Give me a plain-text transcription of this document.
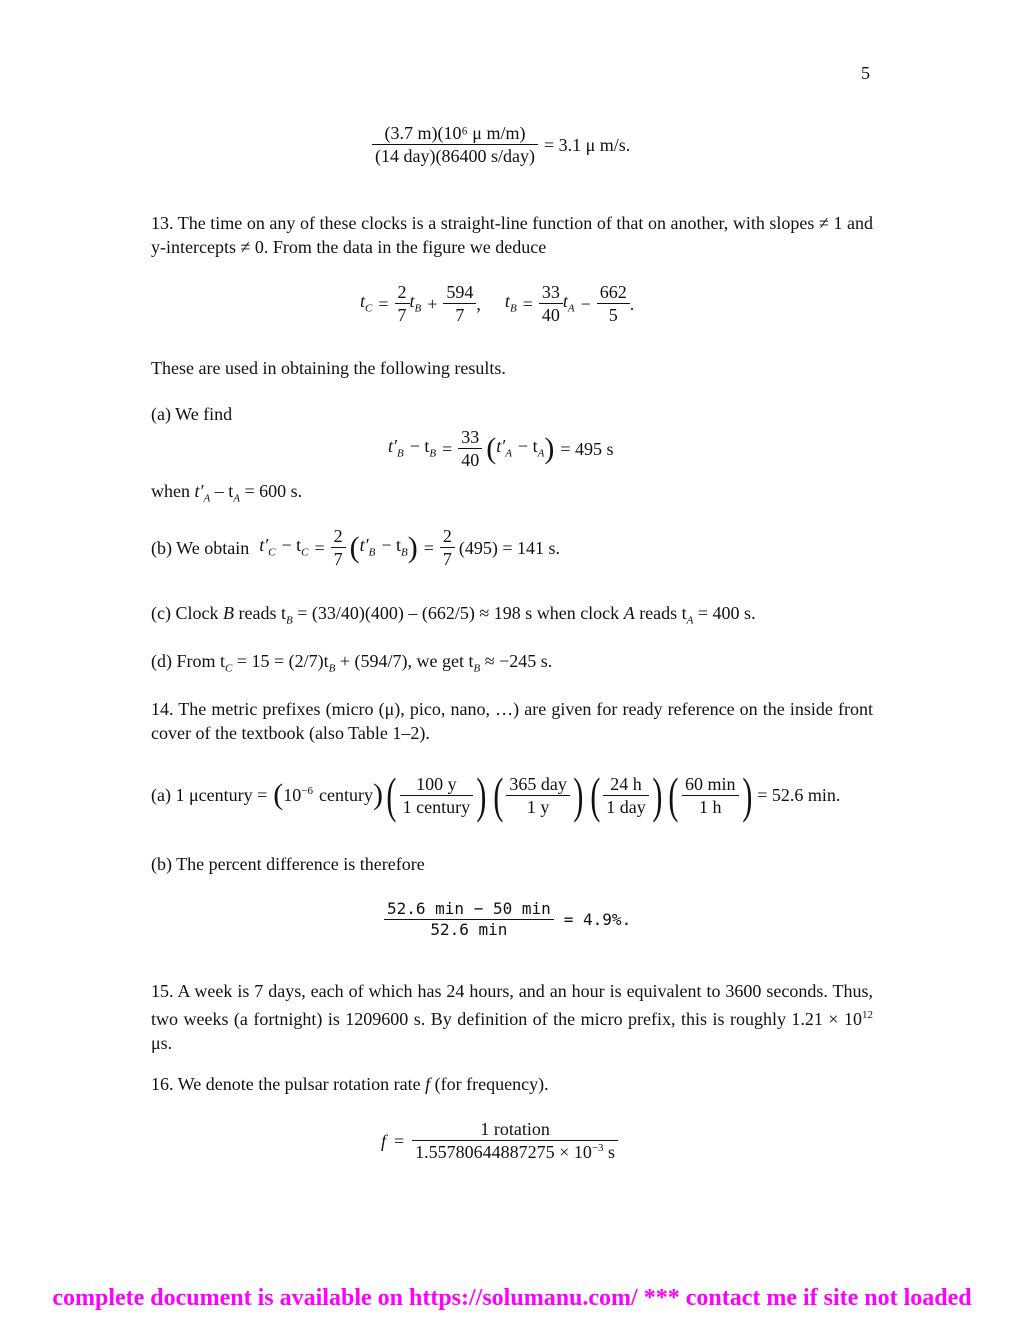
5
$\frac{\text{(3.7 m)(10⁶ μ m/m)}}{\text{(14 day)(86400 s/day)}} = 3.1$ μ m/s.
13. The time on any of these clocks is a straight-line function of that on another, with slopes ≠ 1 and y-intercepts ≠ 0. From the data in the figure we deduce
$t_C = \frac{2}{7} t_B + \frac{594}{7}$ , $t_B = \frac{33}{40} t_A - \frac{662}{5}$ .
These are used in obtaining the following results.
(a) We find
$t'_B - t_B = \frac{33}{40}$ ( $t'_A - t_A$ ) = 495 s
when $t'_A - t_A = 600$ s.
(b) We obtain $t'_C - t_C = \frac{2}{7}$ ( $t'_B - t_B$ ) = $\frac{2}{7} (495) = 141$ s.
(c) Clock B reads $t_B = (33/40)(400) - (662/5) \approx 198$ s when clock A reads $t_A = 400$ s.
(d) From $t_C = 15 = (2/7)t_B + (594/7)$, we get $t_B \approx -245$ s.
14. The metric prefixes (micro (μ), pico, nano, …) are given for ready reference on the inside front cover of the textbook (also Table 1–2).
(a) 1 μcentury = ( $10^{-6}$ century ) ( $\frac{100 y}{\text{1 century}}$ ) ( $\frac{\text{365 day}}{1 y}$ ) ( $\frac{24 h}{\text{1 day}}$ ) ( $\frac{60 \min}{1 h}$ ) = 52.6 min.
(b) The percent difference is therefore
$\frac{52.6 \min - 50 \min}{52.6 \min} = 4.9\%$.
15. A week is 7 days, each of which has 24 hours, and an hour is equivalent to 3600 seconds. Thus, two weeks (a fortnight) is 1209600 s. By definition of the micro prefix, this is roughly $1.21 \times 10^{12}$ μs.
16. We denote the pulsar rotation rate f (for frequency).
$f = \frac{\text{1 rotation}}{1.55780644887275 \times 10^{-3} s}$
complete document is available on https://solumanu.com/ *** contact me if site not loaded
